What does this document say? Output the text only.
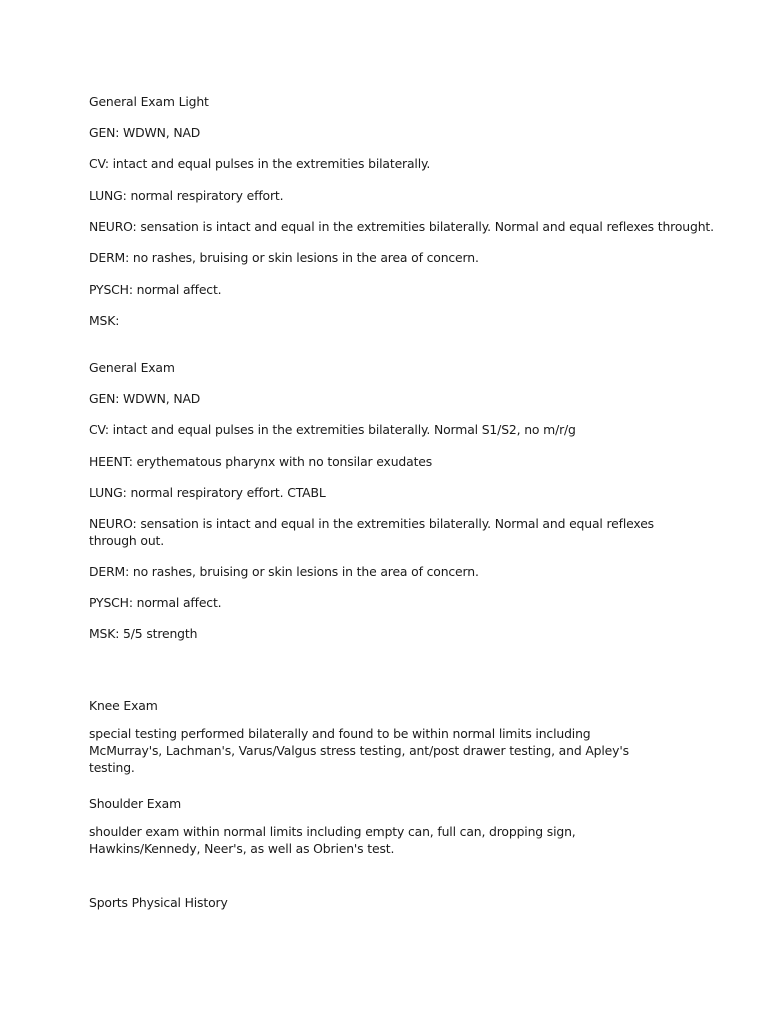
General Exam Light
GEN: WDWN, NAD
CV: intact and equal pulses in the extremities bilaterally.
LUNG: normal respiratory effort.
NEURO: sensation is intact and equal in the extremities bilaterally. Normal and equal reflexes throught.
DERM: no rashes, bruising or skin lesions in the area of concern.
PYSCH: normal affect.
MSK:
General Exam
GEN: WDWN, NAD
CV: intact and equal pulses in the extremities bilaterally. Normal S1/S2, no m/r/g
HEENT: erythematous pharynx with no tonsilar exudates
LUNG: normal respiratory effort. CTABL
NEURO: sensation is intact and equal in the extremities bilaterally. Normal and equal reflexes through out.
DERM: no rashes, bruising or skin lesions in the area of concern.
PYSCH: normal affect.
MSK: 5/5 strength
Knee Exam
special testing performed bilaterally and found to be within normal limits including McMurray's, Lachman's, Varus/Valgus stress testing, ant/post drawer testing, and Apley's testing.
Shoulder Exam
shoulder exam within normal limits including empty can, full can, dropping sign, Hawkins/Kennedy, Neer's, as well as Obrien's test.
Sports Physical History
